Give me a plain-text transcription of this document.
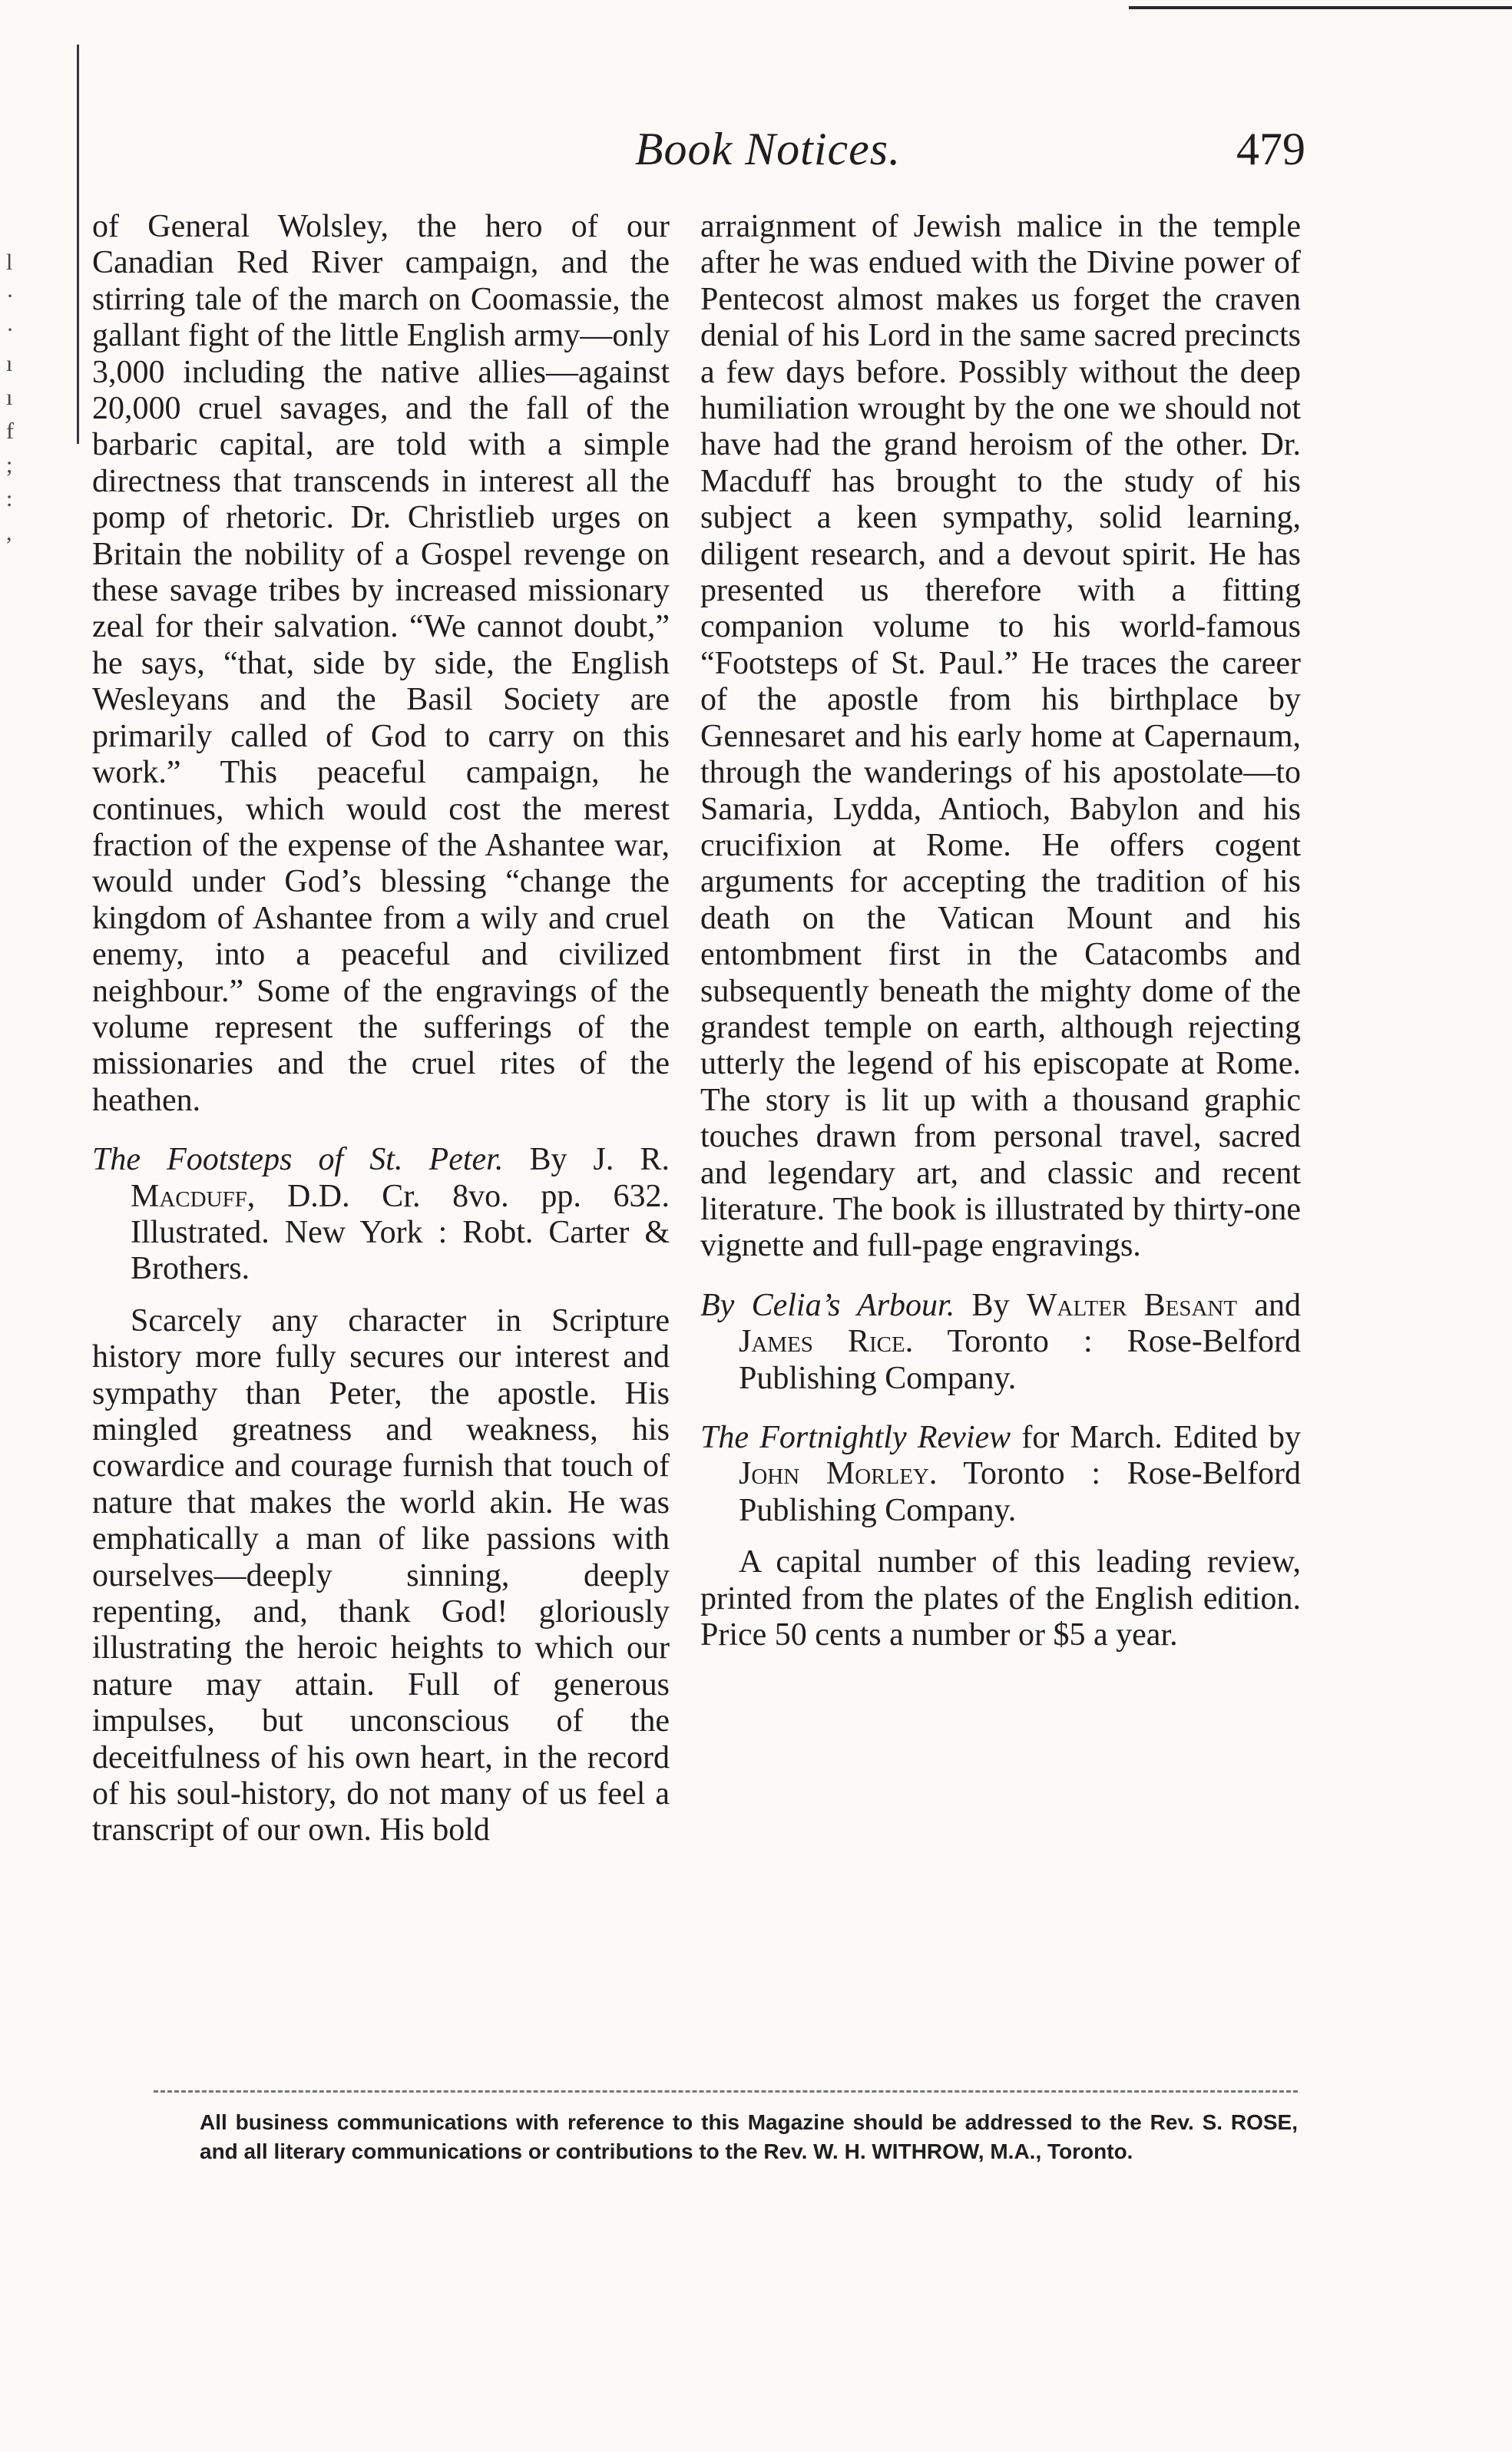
l
·
·
ı
ı
f
;
:
,
Book Notices.	479

of General Wolsley, the hero of our Canadian Red River campaign, and the stirring tale of the march on Coomassie, the gallant fight of the little English army—only 3,000 including the native allies—against 20,000 cruel savages, and the fall of the barbaric capital, are told with a simple directness that transcends in interest all the pomp of rhetoric. Dr. Christlieb urges on Britain the nobility of a Gospel revenge on these savage tribes by increased missionary zeal for their salvation. “We cannot doubt,” he says, “that, side by side, the English Wesleyans and the Basil Society are primarily called of God to carry on this work.” This peaceful campaign, he continues, which would cost the merest fraction of the expense of the Ashantee war, would under God’s blessing “change the kingdom of Ashantee from a wily and cruel enemy, into a peaceful and civilized neighbour.” Some of the engravings of the volume represent the sufferings of the missionaries and the cruel rites of the heathen.

The Footsteps of St. Peter. By J. R. Macduff, D.D. Cr. 8vo. pp. 632. Illustrated. New York : Robt. Carter & Brothers.

Scarcely any character in Scripture history more fully secures our interest and sympathy than Peter, the apostle. His mingled greatness and weakness, his cowardice and courage furnish that touch of nature that makes the world akin. He was emphatically a man of like passions with ourselves—deeply sinning, deeply repenting, and, thank God! gloriously illustrating the heroic heights to which our nature may attain. Full of generous impulses, but unconscious of the deceitfulness of his own heart, in the record of his soul-history, do not many of us feel a transcript of our own. His bold

arraignment of Jewish malice in the temple after he was endued with the Divine power of Pentecost almost makes us forget the craven denial of his Lord in the same sacred precincts a few days before. Possibly without the deep humiliation wrought by the one we should not have had the grand heroism of the other. Dr. Macduff has brought to the study of his subject a keen sympathy, solid learning, diligent research, and a devout spirit. He has presented us therefore with a fitting companion volume to his world-famous “Footsteps of St. Paul.” He traces the career of the apostle from his birthplace by Gennesaret and his early home at Capernaum, through the wanderings of his apostolate—to Samaria, Lydda, Antioch, Babylon and his crucifixion at Rome. He offers cogent arguments for accepting the tradition of his death on the Vatican Mount and his entombment first in the Catacombs and subsequently beneath the mighty dome of the grandest temple on earth, although rejecting utterly the legend of his episcopate at Rome. The story is lit up with a thousand graphic touches drawn from personal travel, sacred and legendary art, and classic and recent literature. The book is illustrated by thirty-one vignette and full-page engravings.

By Celia’s Arbour. By Walter Besant and James Rice. Toronto : Rose-Belford Publishing Company.

The Fortnightly Review for March. Edited by John Morley. Toronto : Rose-Belford Publishing Company.

A capital number of this leading review, printed from the plates of the English edition. Price 50 cents a number or $5 a year.

All business communications with reference to this Magazine should be addressed to the Rev. S. ROSE, and all literary communications or contributions to the Rev. W. H. WITHROW, M.A., Toronto.
